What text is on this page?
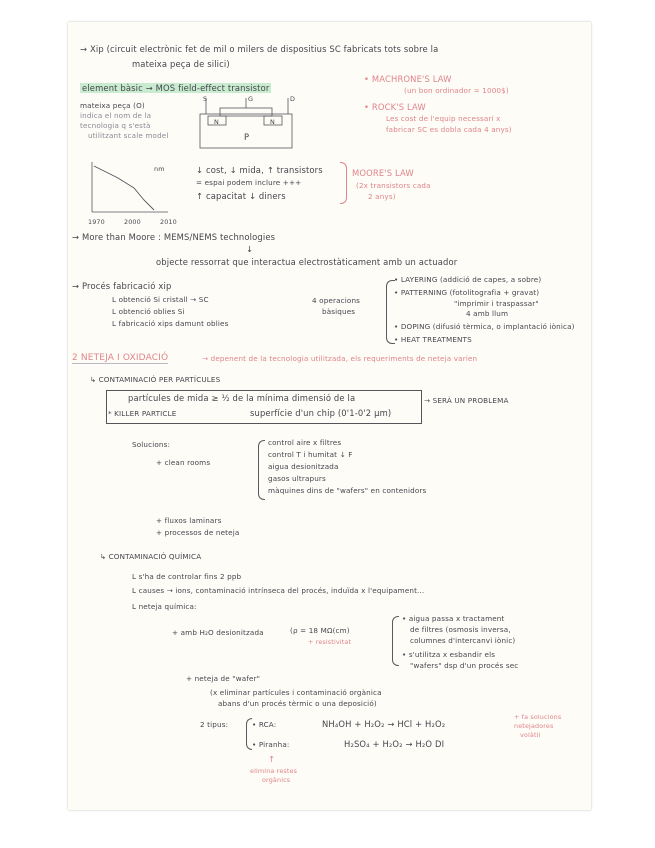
→ Xip (circuit electrònic fet de mil o milers de dispositius SC fabricats tots sobre la
mateixa peça de silici)
element bàsic → MOS field-effect transistor
mateixa peça (O)
indica el nom de la
tecnologia q s'està
utilitzant scale model
S	G	D
N	N
P
• MACHRONE'S LAW
(un bon ordinador = 1000$)
• ROCK'S LAW
Les cost de l'equip necessari x
fabricar SC es dobla cada 4 anys)
nm
1970	2000	2010
↓ cost, ↓ mida, ↑ transistors
= espai podem inclure +++
↑ capacitat ↓ diners
MOORE'S LAW
(2x transistors cada
2 anys)
→ More than Moore : MEMS/NEMS technologies
↓
objecte ressorrat que interactua electrostàticament amb un actuador
→ Procés fabricació xip
L obtenció Si cristall → SC
L obtenció oblies Si
L fabricació xips damunt oblies
4 operacions
bàsiques
• LAYERING (addició de capes, a sobre)
• PATTERNING (fotolitografia + gravat)
"imprimir i traspassar"
4 amb llum
• DOPING (difusió tèrmica, o implantació iònica)
• HEAT TREATMENTS
2 NETEJA I OXIDACIÓ	→ depenent de la tecnologia utilitzada, els requeriments de neteja varien
↳ CONTAMINACIÓ PER PARTÍCULES
partícules de mida ≥ ½ de la mínima dimensió de la
* KILLER PARTICLE	superfície d'un chip (0'1-0'2 μm)
→ SERÀ UN PROBLEMA
Solucions:
+ clean rooms
control aire x filtres
control T i humitat ↓ F
aigua desionitzada
gasos ultrapurs
màquines dins de "wafers" en contenidors
+ fluxos laminars
+ processos de neteja
↳ CONTAMINACIÓ QUÍMICA
L s'ha de controlar fins 2 ppb
L causes → ions, contaminació intrínseca del procés, induïda x l'equipament...
L neteja química:
+ amb H₂O desionitzada	(ρ = 18 MΩ(cm)
+ resistivitat
• aigua passa x tractament
de filtres (osmosis inversa,
columnes d'intercanvi iònic)
• s'utilitza x esbandir els
"wafers" dsp d'un procés sec
+ neteja de "wafer"
(x eliminar partícules i contaminació orgànica
abans d'un procés tèrmic o una deposició)
2 tipus:	• RCA:	NH₄OH + H₂O₂ → HCl + H₂O₂
• Piranha:	H₂SO₄ + H₂O₂ → H₂O DI
+ fa solucions
netejadores
volàtil
↑
elimina restes
orgànics
